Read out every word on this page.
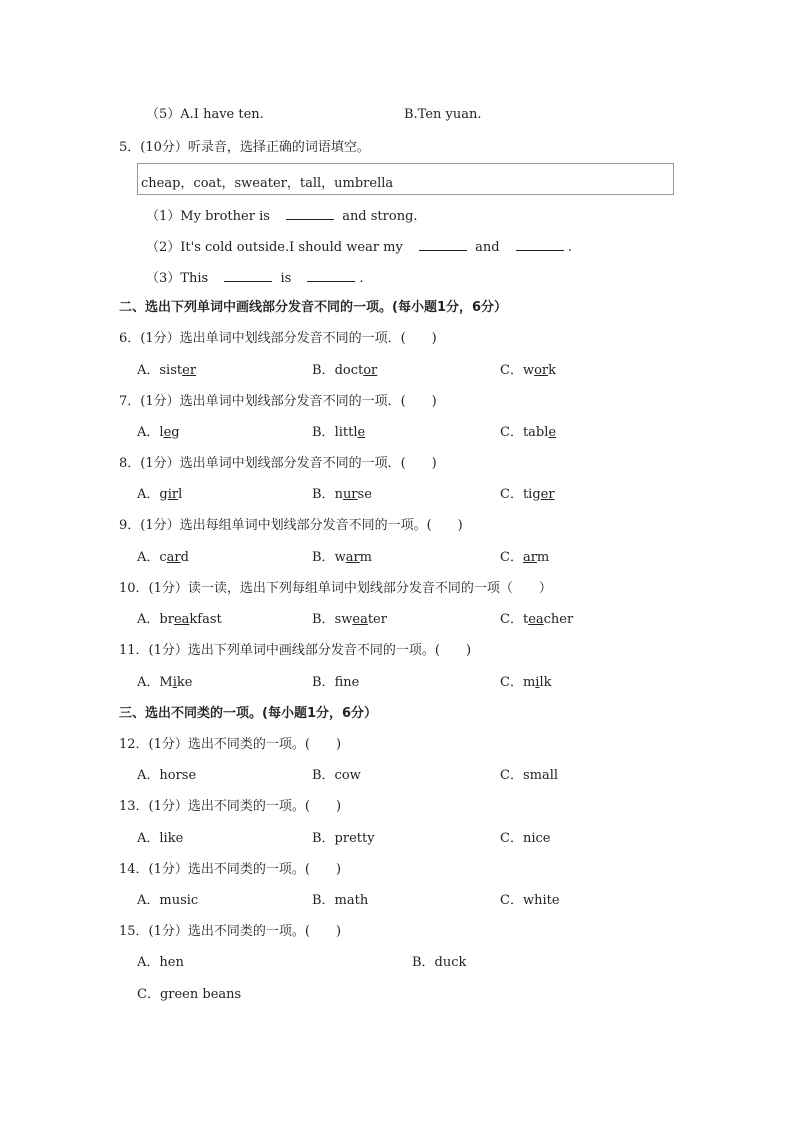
（5）A.I have ten.	B.Ten yuan.
5．(10分）听录音，选择正确的词语填空。
cheap，coat，sweater，tall，umbrella
（1）My brother is	and strong.
（2）It's cold outside.I should wear my	and	.
（3）This	is	.
二、选出下列单词中画线部分发音不同的一项。(每小题1分，6分）
6．(1分）选出单词中划线部分发音不同的一项．(　　)
A．sister	B．doctor	C．work
7．(1分）选出单词中划线部分发音不同的一项．(　　)
A．leg	B．little	C．table
8．(1分）选出单词中划线部分发音不同的一项．(　　)
A．girl	B．nurse	C．tiger
9．(1分）选出每组单词中划线部分发音不同的一项。(　　)
A．card	B．warm	C．arm
10．(1分）读一读，选出下列每组单词中划线部分发音不同的一项（　　）
A．breakfast	B．sweater	C．teacher
11．(1分）选出下列单词中画线部分发音不同的一项。(　　)
A．Mike	B．fne	C．milk
三、选出不同类的一项。(每小题1分，6分）
12．(1分）选出不同类的一项。(　　)
A．horse	B．cow	C．small
13．(1分）选出不同类的一项。(　　)
A．like	B．pretty	C．nice
14．(1分）选出不同类的一项。(　　)
A．music	B．math	C．white
15．(1分）选出不同类的一项。(　　)
A．hen	B．duck
C．green beans
